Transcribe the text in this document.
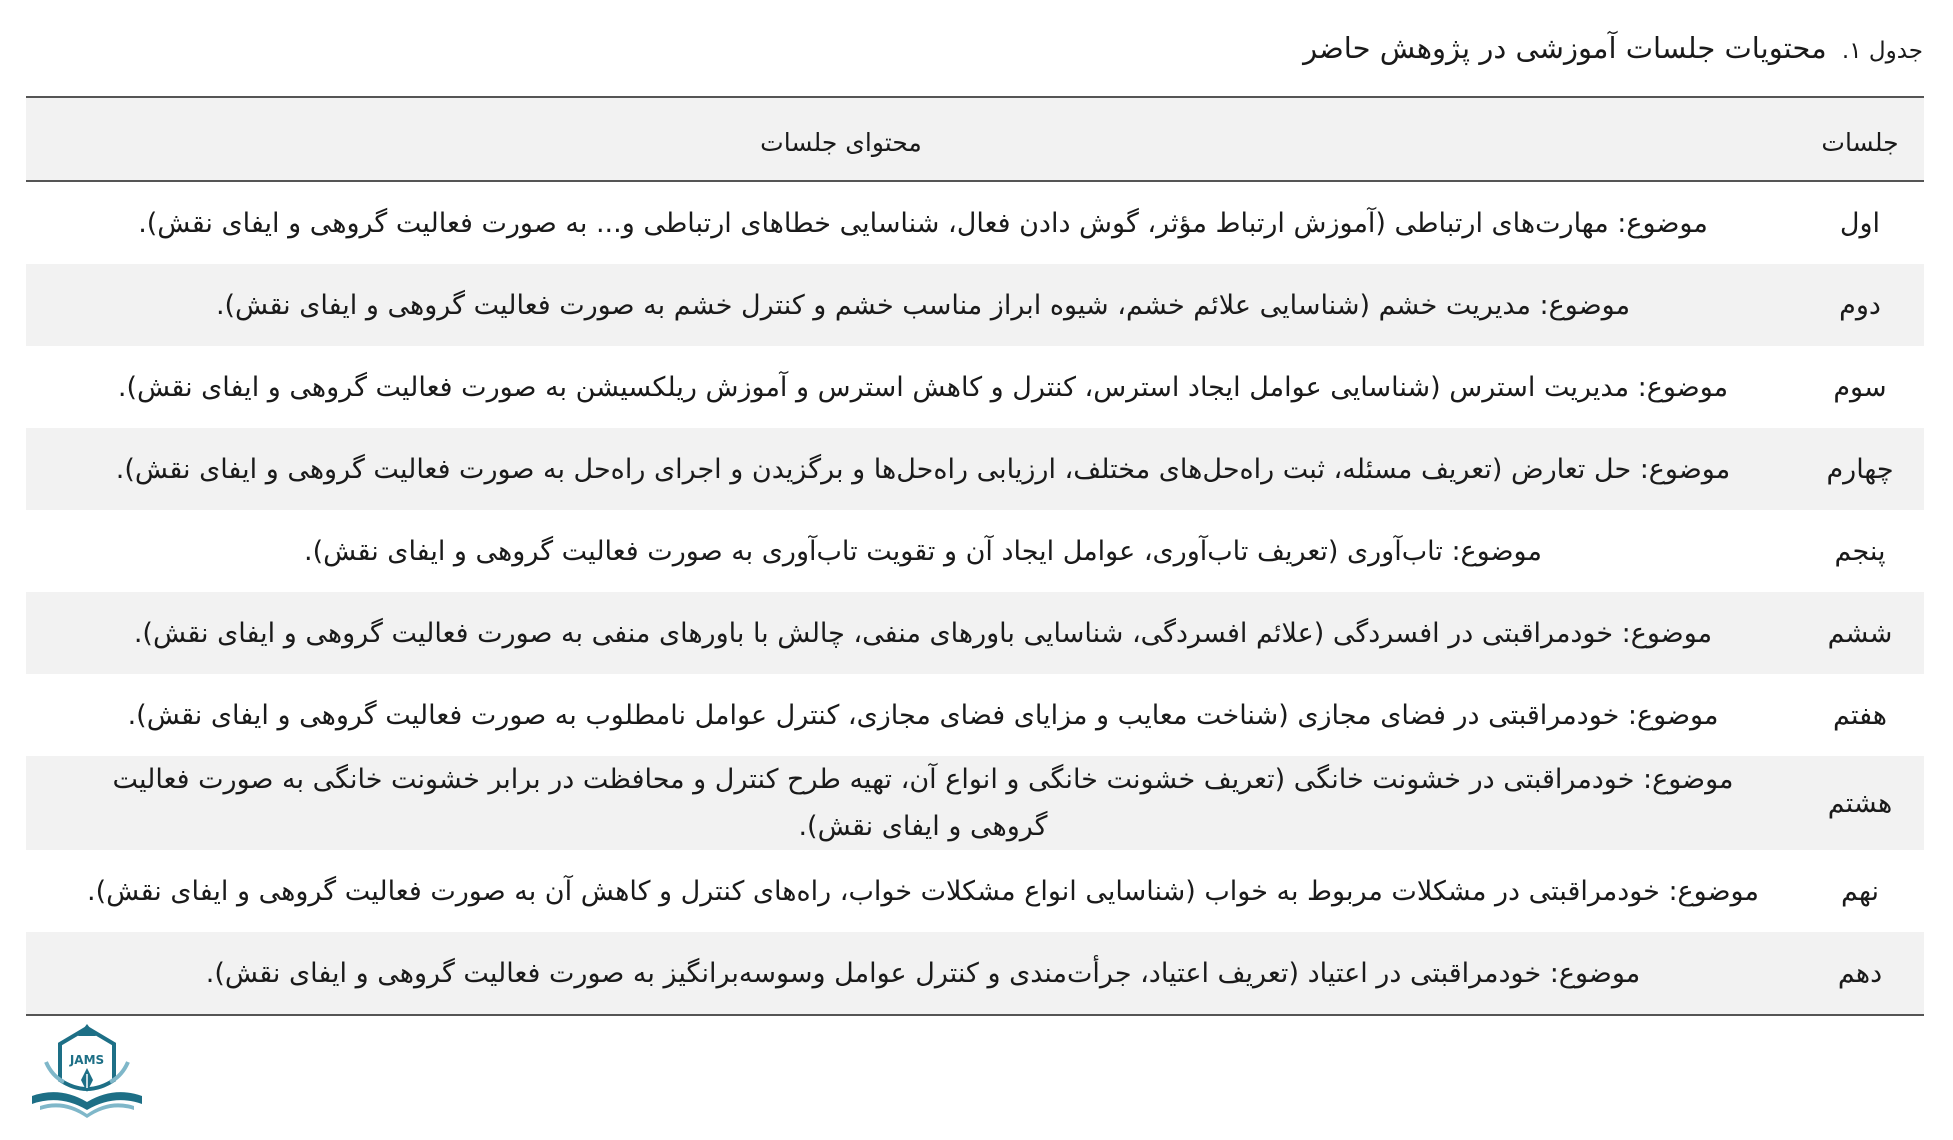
جدول ۱. محتویات جلسات آموزشی در پژوهش حاضر
جلسات
محتوای جلسات
اول
موضوع: مهارت‌های ارتباطی (آموزش ارتباط مؤثر، گوش دادن فعال، شناسایی خطاهای ارتباطی و... به صورت فعالیت گروهی و ایفای نقش).
دوم
موضوع: مدیریت خشم (شناسایی علائم خشم، شیوه ابراز مناسب خشم و کنترل خشم به صورت فعالیت گروهی و ایفای نقش).
سوم
موضوع: مدیریت استرس (شناسایی عوامل ایجاد استرس، کنترل و کاهش استرس و آموزش ریلکسیشن به صورت فعالیت گروهی و ایفای نقش).
چهارم
موضوع: حل تعارض (تعریف مسئله، ثبت راه‌حل‌های مختلف، ارزیابی راه‌حل‌ها و برگزیدن و اجرای راه‌حل به صورت فعالیت گروهی و ایفای نقش).
پنجم
موضوع: تاب‌آوری (تعریف تاب‌آوری، عوامل ایجاد آن و تقویت تاب‌آوری به صورت فعالیت گروهی و ایفای نقش).
ششم
موضوع: خودمراقبتی در افسردگی (علائم افسردگی، شناسایی باورهای منفی، چالش با باورهای منفی به صورت فعالیت گروهی و ایفای نقش).
هفتم
موضوع: خودمراقبتی در فضای مجازی (شناخت معایب و مزایای فضای مجازی، کنترل عوامل نامطلوب به صورت فعالیت گروهی و ایفای نقش).
هشتم
موضوع: خودمراقبتی در خشونت خانگی (تعریف خشونت خانگی و انواع آن، تهیه طرح کنترل و محافظت در برابر خشونت خانگی به صورت فعالیت گروهی و ایفای نقش).
نهم
موضوع: خودمراقبتی در مشکلات مربوط به خواب (شناسایی انواع مشکلات خواب، راه‌های کنترل و کاهش آن به صورت فعالیت گروهی و ایفای نقش).
دهم
موضوع: خودمراقبتی در اعتیاد (تعریف اعتیاد، جرأت‌مندی و کنترل عوامل وسوسه‌برانگیز به صورت فعالیت گروهی و ایفای نقش).
JAMS
